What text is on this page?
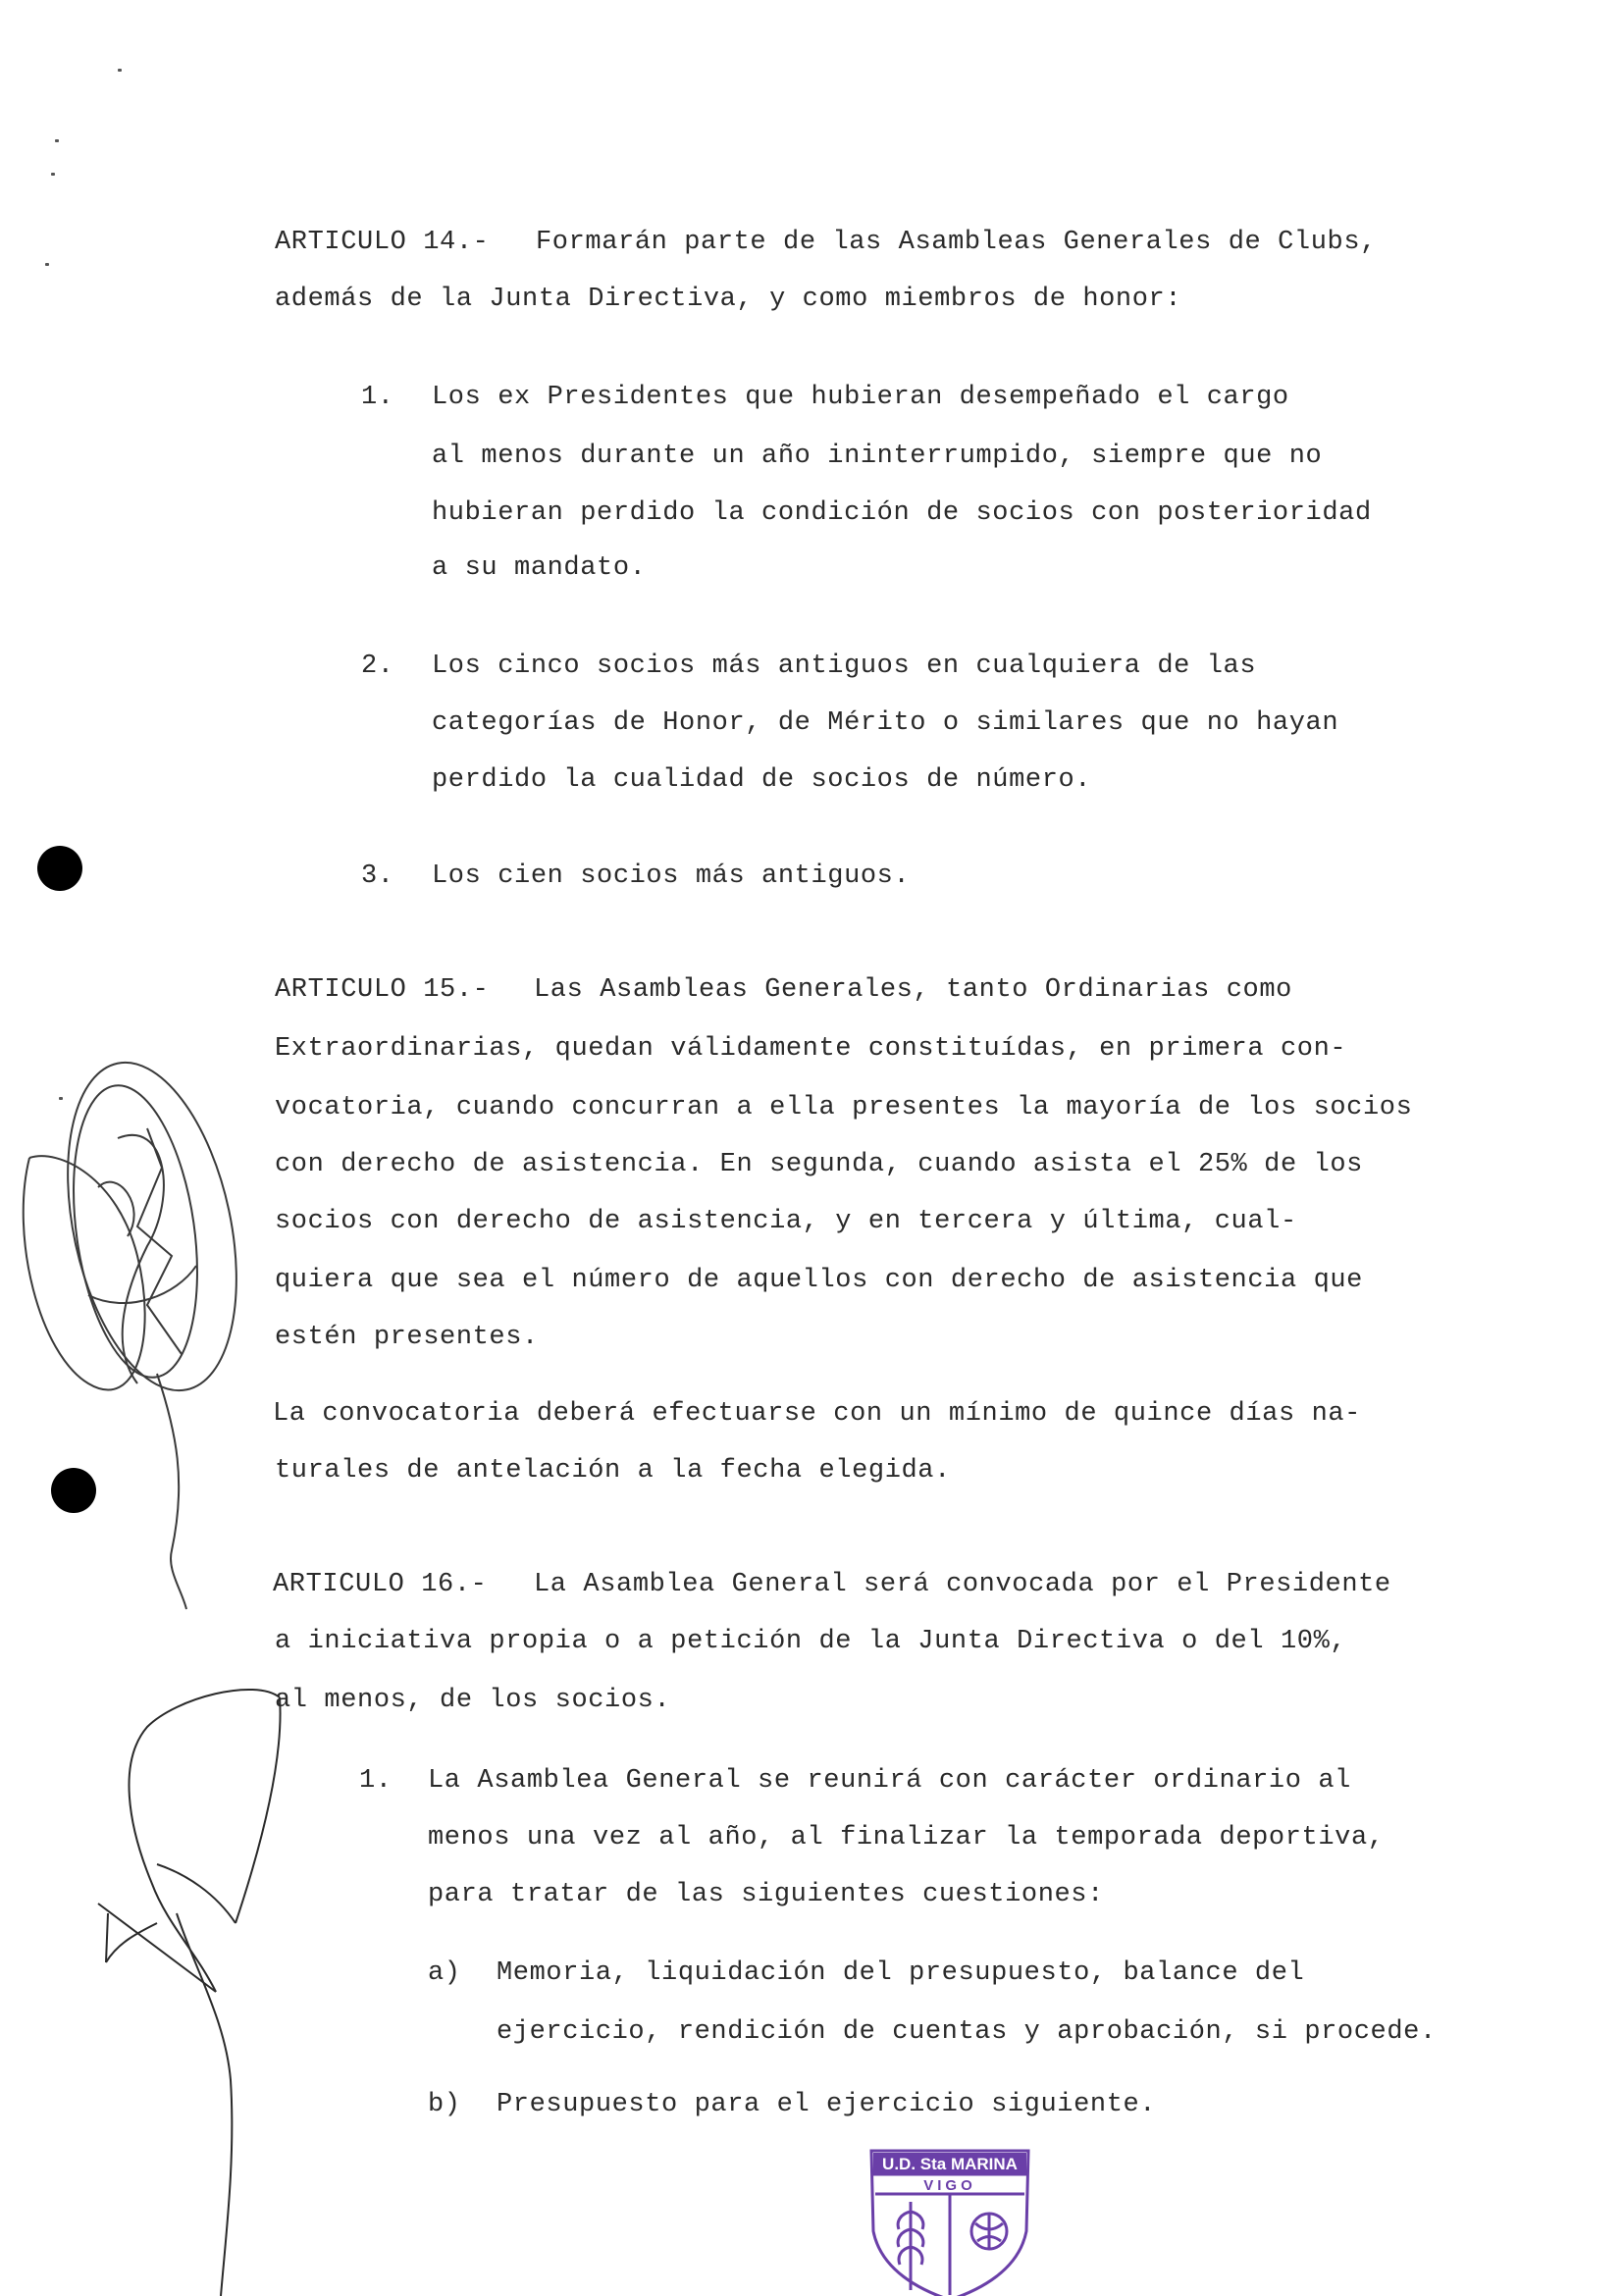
ARTICULO 14.- Formarán parte de las Asambleas Generales de Clubs,
además de la Junta Directiva, y como miembros de honor:
1. Los ex Presidentes que hubieran desempeñado el cargo
al menos durante un año ininterrumpido, siempre que no
hubieran perdido la condición de socios con posterioridad
a su mandato.
2. Los cinco socios más antiguos en cualquiera de las
categorías de Honor, de Mérito o similares que no hayan
perdido la cualidad de socios de número.
3. Los cien socios más antiguos.
ARTICULO 15.- Las Asambleas Generales, tanto Ordinarias como
Extraordinarias, quedan válidamente constituídas, en primera con-
vocatoria, cuando concurran a ella presentes la mayoría de los socios
con derecho de asistencia. En segunda, cuando asista el 25% de los
socios con derecho de asistencia, y en tercera y última, cual-
quiera que sea el número de aquellos con derecho de asistencia que
estén presentes.
La convocatoria deberá efectuarse con un mínimo de quince días na-
turales de antelación a la fecha elegida.
ARTICULO 16.- La Asamblea General será convocada por el Presidente
a iniciativa propia o a petición de la Junta Directiva o del 10%,
al menos, de los socios.
1. La Asamblea General se reunirá con carácter ordinario al
menos una vez al año, al finalizar la temporada deportiva,
para tratar de las siguientes cuestiones:
a) Memoria, liquidación del presupuesto, balance del
ejercicio, rendición de cuentas y aprobación, si procede.
b) Presupuesto para el ejercicio siguiente.
U.D. Sta MARINA
VIGO
